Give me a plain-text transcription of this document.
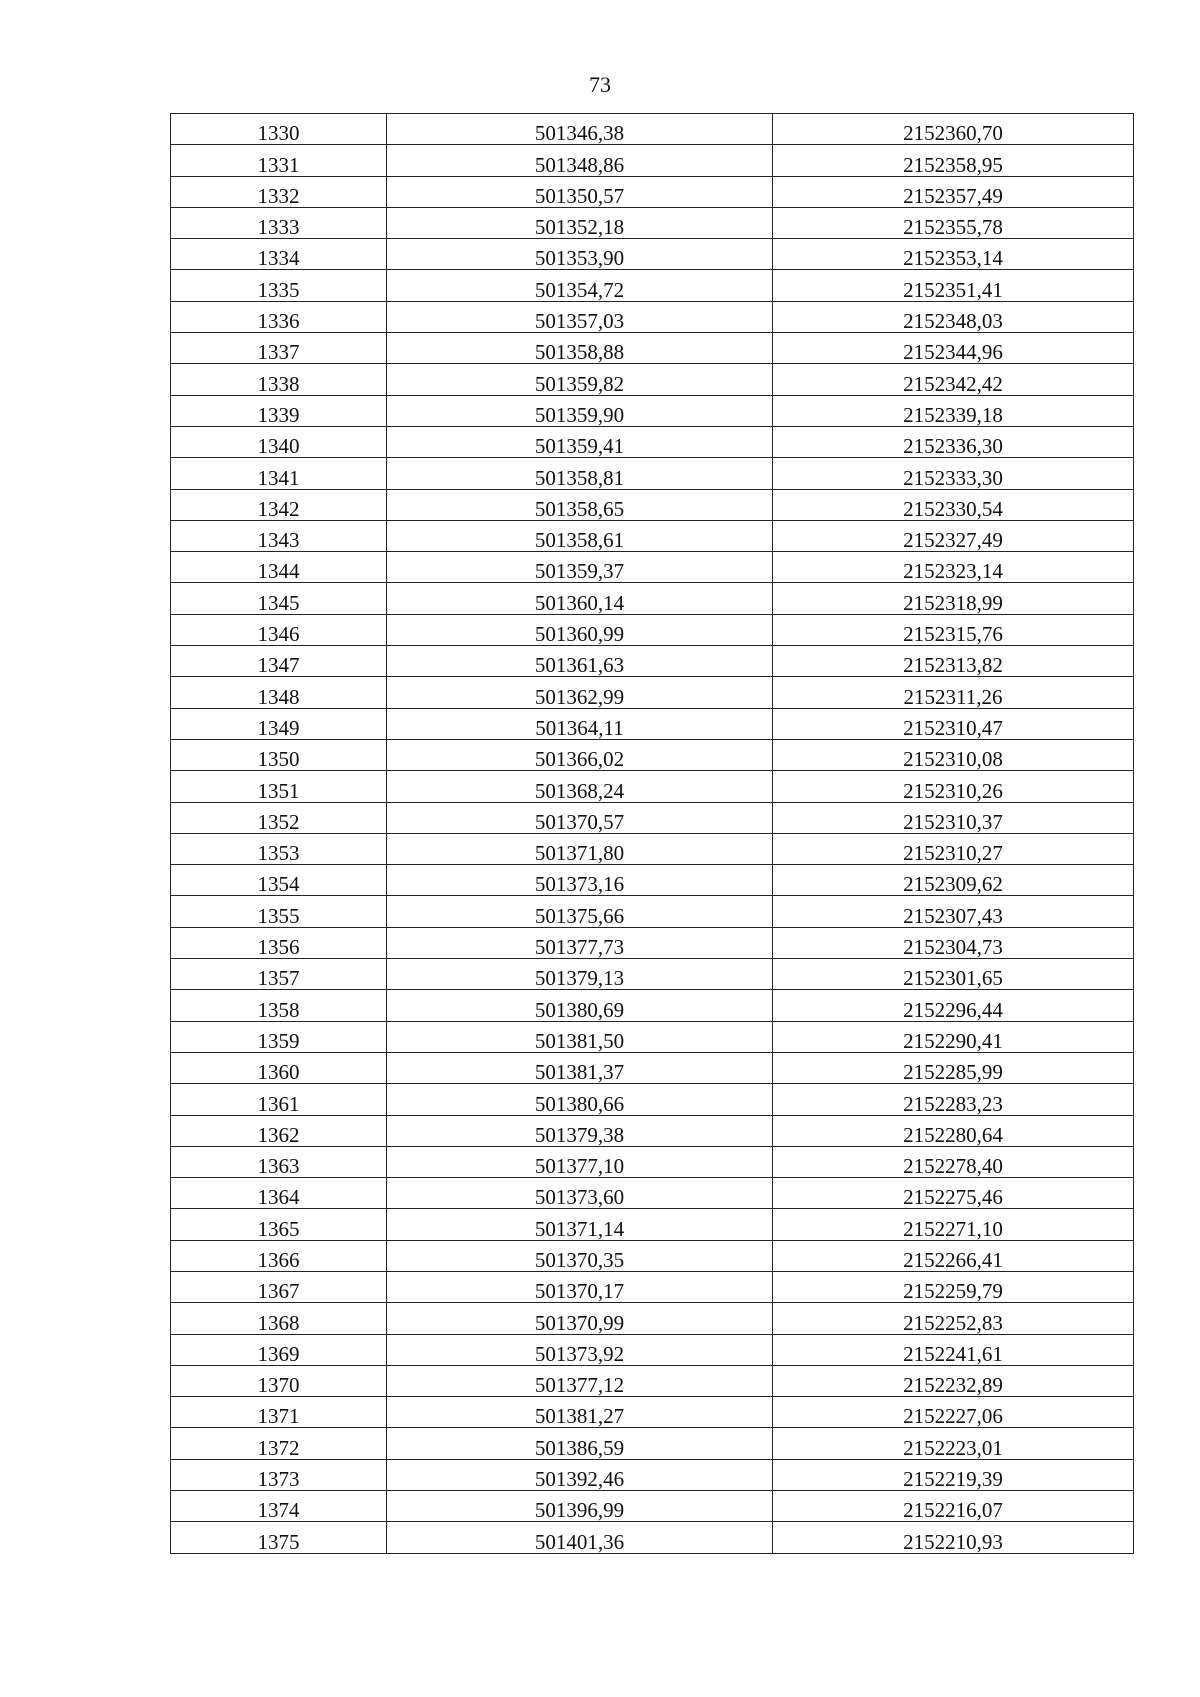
73
1330	501346,38	2152360,70
1331	501348,86	2152358,95
1332	501350,57	2152357,49
1333	501352,18	2152355,78
1334	501353,90	2152353,14
1335	501354,72	2152351,41
1336	501357,03	2152348,03
1337	501358,88	2152344,96
1338	501359,82	2152342,42
1339	501359,90	2152339,18
1340	501359,41	2152336,30
1341	501358,81	2152333,30
1342	501358,65	2152330,54
1343	501358,61	2152327,49
1344	501359,37	2152323,14
1345	501360,14	2152318,99
1346	501360,99	2152315,76
1347	501361,63	2152313,82
1348	501362,99	2152311,26
1349	501364,11	2152310,47
1350	501366,02	2152310,08
1351	501368,24	2152310,26
1352	501370,57	2152310,37
1353	501371,80	2152310,27
1354	501373,16	2152309,62
1355	501375,66	2152307,43
1356	501377,73	2152304,73
1357	501379,13	2152301,65
1358	501380,69	2152296,44
1359	501381,50	2152290,41
1360	501381,37	2152285,99
1361	501380,66	2152283,23
1362	501379,38	2152280,64
1363	501377,10	2152278,40
1364	501373,60	2152275,46
1365	501371,14	2152271,10
1366	501370,35	2152266,41
1367	501370,17	2152259,79
1368	501370,99	2152252,83
1369	501373,92	2152241,61
1370	501377,12	2152232,89
1371	501381,27	2152227,06
1372	501386,59	2152223,01
1373	501392,46	2152219,39
1374	501396,99	2152216,07
1375	501401,36	2152210,93
